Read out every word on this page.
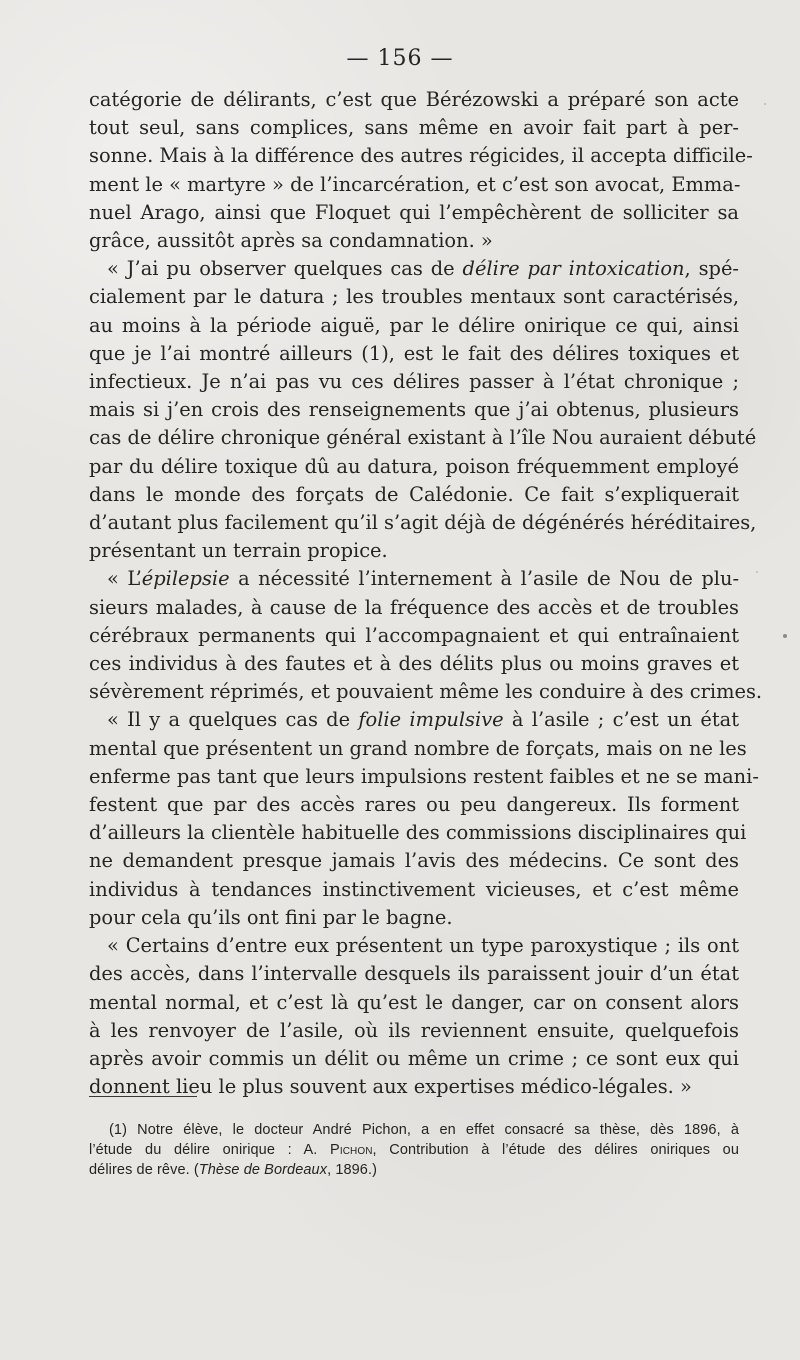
— 156 —
catégorie de délirants, c’est que Bérézowski a préparé son acte
tout seul, sans complices, sans même en avoir fait part à per-
sonne. Mais à la différence des autres régicides, il accepta difficile-
ment le « martyre » de l’incarcération, et c’est son avocat, Emma-
nuel Arago, ainsi que Floquet qui l’empêchèrent de solliciter sa
grâce, aussitôt après sa condamnation. »
« J’ai pu observer quelques cas de délire par intoxication, spé-
cialement par le datura ; les troubles mentaux sont caractérisés,
au moins à la période aiguë, par le délire onirique ce qui, ainsi
que je l’ai montré ailleurs (1), est le fait des délires toxiques et
infectieux. Je n’ai pas vu ces délires passer à l’état chronique ;
mais si j’en crois des renseignements que j’ai obtenus, plusieurs
cas de délire chronique général existant à l’île Nou auraient débuté
par du délire toxique dû au datura, poison fréquemment employé
dans le monde des forçats de Calédonie. Ce fait s’expliquerait
d’autant plus facilement qu’il s’agit déjà de dégénérés héréditaires,
présentant un terrain propice.
« L’épilepsie a nécessité l’internement à l’asile de Nou de plu-
sieurs malades, à cause de la fréquence des accès et de troubles
cérébraux permanents qui l’accompagnaient et qui entraînaient
ces individus à des fautes et à des délits plus ou moins graves et
sévèrement réprimés, et pouvaient même les conduire à des crimes.
« Il y a quelques cas de folie impulsive à l’asile ; c’est un état
mental que présentent un grand nombre de forçats, mais on ne les
enferme pas tant que leurs impulsions restent faibles et ne se mani-
festent que par des accès rares ou peu dangereux. Ils forment
d’ailleurs la clientèle habituelle des commissions disciplinaires qui
ne demandent presque jamais l’avis des médecins. Ce sont des
individus à tendances instinctivement vicieuses, et c’est même
pour cela qu’ils ont fini par le bagne.
« Certains d’entre eux présentent un type paroxystique ; ils ont
des accès, dans l’intervalle desquels ils paraissent jouir d’un état
mental normal, et c’est là qu’est le danger, car on consent alors
à les renvoyer de l’asile, où ils reviennent ensuite, quelquefois
après avoir commis un délit ou même un crime ; ce sont eux qui
donnent lieu le plus souvent aux expertises médico-légales. »
(1) Notre élève, le docteur André Pichon, a en effet consacré sa thèse, dès 1896, à
l’étude du délire onirique : A. Pichon, Contribution à l’étude des délires oniriques ou
délires de rêve. (Thèse de Bordeaux, 1896.)
